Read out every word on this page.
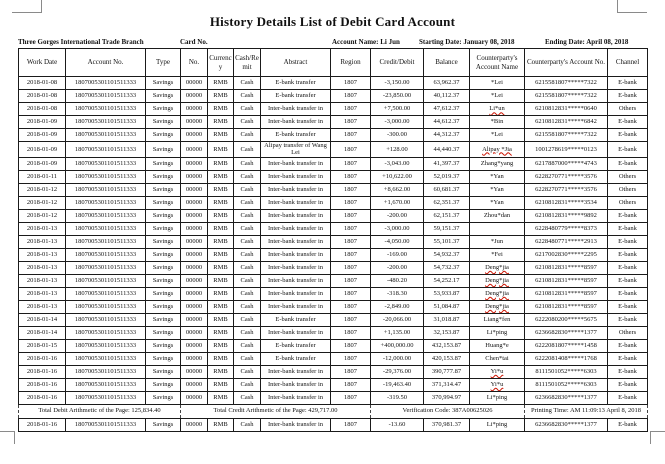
History Details List of Debit Card Account
Three Gorges International Trade Branch	Card No.	Account Name: Li Jun	Starting Date: January 08, 2018	Ending Date: April 08, 2018
Work Date	Account No.	Type	No.	Currency	Cash/Remit	Abstract	Region	Credit/Debit	Balance	Counterparty's Account Name	Counterparty's Account No.	Channel
2018-01-08	1807005301101511333	Savings	00000	RMB	Cash	E-bank transfer	1807	-3,150.00	63,962.37	*Lei	6215581807*****7322	E-bank
2018-01-08	1807005301101511333	Savings	00000	RMB	Cash	E-bank transfer	1807	-23,850.00	40,112.37	*Lei	6215581807*****7322	E-bank
2018-01-08	1807005301101511333	Savings	00000	RMB	Cash	Inter-bank transfer in	1807	+7,500.00	47,612.37	Li*un	6210812831*****0640	Others
2018-01-09	1807005301101511333	Savings	00000	RMB	Cash	Inter-bank transfer in	1807	-3,000.00	44,612.37	*Bin	6210812831*****6842	E-bank
2018-01-09	1807005301101511333	Savings	00000	RMB	Cash	E-bank transfer	1807	-300.00	44,312.37	*Lei	6215581807*****7322	E-bank
2018-01-09	1807005301101511333	Savings	00000	RMB	Cash	Alipay transfer of Wang Lei	1807	+128.00	44,440.37	Alipay *Jia	1001278619*****0123	E-bank
2018-01-09	1807005301101511333	Savings	00000	RMB	Cash	Inter-bank transfer in	1807	-3,043.00	41,397.37	Zhang*yang	6217887000*****4743	E-bank
2018-01-11	1807005301101511333	Savings	00000	RMB	Cash	Inter-bank transfer in	1807	+10,622.00	52,019.37	*Yan	6228270771*****3576	Others
2018-01-12	1807005301101511333	Savings	00000	RMB	Cash	Inter-bank transfer in	1807	+8,662.00	60,681.37	*Yan	6228270771*****3576	Others
2018-01-12	1807005301101511333	Savings	00000	RMB	Cash	Inter-bank transfer in	1807	+1,670.00	62,351.37	*Yan	6210812831*****3534	Others
2018-01-12	1807005301101511333	Savings	00000	RMB	Cash	Inter-bank transfer in	1807	-200.00	62,151.37	Zhou*dan	6210812831*****9892	E-bank
2018-01-13	1807005301101511333	Savings	00000	RMB	Cash	Inter-bank transfer in	1807	-3,000.00	59,151.37		6228480779*****8373	E-bank
2018-01-13	1807005301101511333	Savings	00000	RMB	Cash	Inter-bank transfer in	1807	-4,050.00	55,101.37	*Jun	6228480771*****2913	E-bank
2018-01-13	1807005301101511333	Savings	00000	RMB	Cash	Inter-bank transfer in	1807	-169.00	54,932.37	*Fei	6217002830*****2295	E-bank
2018-01-13	1807005301101511333	Savings	00000	RMB	Cash	Inter-bank transfer in	1807	-200.00	54,732.37	Deng*jia	6210812831*****8597	E-bank
2018-01-13	1807005301101511333	Savings	00000	RMB	Cash	Inter-bank transfer in	1807	-480.20	54,252.17	Deng*jia	6210812831*****8597	E-bank
2018-01-13	1807005301101511333	Savings	00000	RMB	Cash	Inter-bank transfer in	1807	-318.30	53,933.87	Deng*jia	6210812831*****8597	E-bank
2018-01-13	1807005301101511333	Savings	00000	RMB	Cash	Inter-bank transfer in	1807	-2,849.00	51,084.87	Deng*jia	6210812831*****8597	E-bank
2018-01-14	1807005301101511333	Savings	00000	RMB	Cash	E-bank transfer	1807	-20,066.00	31,018.87	Liang*fen	6222080200*****5675	E-bank
2018-01-14	1807005301101511333	Savings	00000	RMB	Cash	Inter-bank transfer in	1807	+1,135.00	32,153.87	Li*ping	6236682830*****1377	Others
2018-01-15	1807005301101511333	Savings	00000	RMB	Cash	E-bank transfer	1807	+400,000.00	432,153.87	Huang*e	6222081807*****1458	E-bank
2018-01-16	1807005301101511333	Savings	00000	RMB	Cash	E-bank transfer	1807	-12,000.00	420,153.87	Chen*tai	6222081408*****1768	E-bank
2018-01-16	1807005301101511333	Savings	00000	RMB	Cash	Inter-bank transfer in	1807	-29,376.00	390,777.87	Yi*u	8111501052*****6303	E-bank
2018-01-16	1807005301101511333	Savings	00000	RMB	Cash	Inter-bank transfer in	1807	-19,463.40	371,314.47	Yi*u	8111501052*****6303	E-bank
2018-01-16	1807005301101511333	Savings	00000	RMB	Cash	Inter-bank transfer in	1807	-319.50	370,994.97	Li*ping	6236682830*****1377	E-bank
Total Debit Arithmetic of the Page: 125,834.40			Total Credit Arithmetic of the Page: 429,717.00					Verification Code: 387A00625026			Printing Time: AM 11:09:13 April 8, 2018	
2018-01-16	1807005301101511333	Savings	00000	RMB	Cash	Inter-bank transfer in	1807	-13.60	370,981.37	Li*ping	6236682830*****1377	E-bank
